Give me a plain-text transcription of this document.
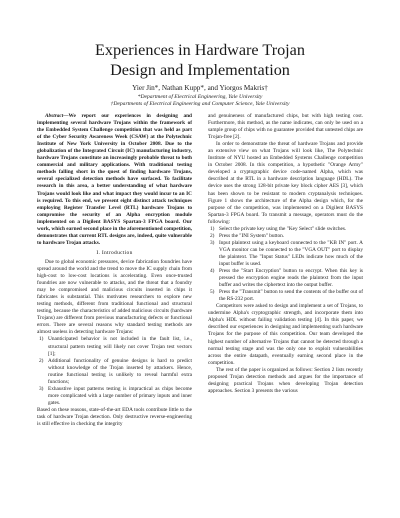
Experiences in Hardware Trojan
Design and Implementation
Yier Jin*, Nathan Kupp*, and Yiorgos Makris†
*Department of Electrical Engineering, Yale University
†Departments of Electrical Engineering and Computer Science, Yale University

Abstract—We report our experiences in designing and implementing several hardware Trojans within the framework of the Embedded System Challenge competition that was held as part of the Cyber Security Awareness Week (CSAW) at the Polytechnic Institute of New York University in October 2008. Due to the globalization of the Integrated Circuit (IC) manufacturing industry, hardware Trojans constitute an increasingly probable threat to both commercial and military applications. With traditional testing methods falling short in the quest of finding hardware Trojans, several specialized detection methods have surfaced. To facilitate research in this area, a better understanding of what hardware Trojans would look like and what impact they would incur to an IC is required. To this end, we present eight distinct attack techniques employing Register Transfer Level (RTL) hardware Trojans to compromise the security of an Alpha encryption module implemented on a Digilent BASYS Spartan-3 FPGA board. Our work, which earned second place in the aforementioned competition, demonstrates that current RTL designs are, indeed, quite vulnerable to hardware Trojan attacks.

I. Introduction

Due to global economic pressures, device fabrication foundries have spread around the world and the trend to move the IC supply chain from high-cost to low-cost locations is accelerating. Even once-trusted foundries are now vulnerable to attacks, and the threat that a foundry may be compromised and malicious circuits inserted in chips it fabricates is substantial. This motivates researchers to explore new testing methods, different from traditional functional and structural testing, because the characteristics of added malicious circuits (hardware Trojans) are different from previous manufacturing defects or functional errors. There are several reasons why standard testing methods are almost useless in detecting hardware Trojans:

1) Unanticipated behavior is not included in the fault list, i.e., structural pattern testing will likely not cover Trojan test vectors [1];
2) Additional functionality of genuine designs is hard to predict without knowledge of the Trojan inserted by attackers. Hence, routine functional testing is unlikely to reveal harmful extra functions;
3) Exhaustive input patterns testing is impractical as chips become more complicated with a large number of primary inputs and inner gates.

Based on these reasons, state-of-the-art EDA tools contribute little to the task of hardware Trojan detection. Only destructive reverse-engineering is still effective in checking the integrity

and genuineness of manufactured chips, but with high testing cost. Furthermore, this method, as the name indicates, can only be used on a sample group of chips with no guarantee provided that untested chips are Trojan-free [2].

In order to demonstrate the threat of hardware Trojans and provide an extensive view on what Trojans will look like, The Polytechnic Institute of NYU hosted an Embedded Systems Challenge competition in October 2008. In this competition, a hypothetic "Orange Army" developed a cryptographic device code-named Alpha, which was described at the RTL in a hardware description language (HDL). The device uses the strong 128-bit private key block cipher AES [3], which has been shown to be resistant to modern cryptanalysis techniques. Figure 1 shows the architecture of the Alpha design which, for the purpose of the competition, was implemented on a Digilent BASYS Spartan-3 FPGA board. To transmit a message, operators must do the following:

1) Select the private key using the "Key Select" slide switches.
2) Press the "INI System" button.
3) Input plaintext using a keyboard connected to the "KB IN" port. A VGA monitor can be connected to the "VGA OUT" port to display the plaintext. The "Input Status" LEDs indicate how much of the input buffer is used.
4) Press the "Start Encryption" button to encrypt. When this key is pressed the encryption engine reads the plaintext from the input buffer and writes the ciphertext into the output buffer.
5) Press the "Transmit" button to send the contents of the buffer out of the RS-232 port.

Competitors were asked to design and implement a set of Trojans, to undermine Alpha's cryptographic strength, and incorporate them into Alpha's HDL without failing validation testing [4]. In this paper, we described our experiences in designing and implementing such hardware Trojans for the purpose of this competition. Our team developed the highest number of alternative Trojans that cannot be detected through a normal testing stage and was the only one to exploit vulnerabilities across the entire datapath, eventually earning second place in the competition.

The rest of the paper is organized as follows: Section 2 lists recently proposed Trojan detection methods and argues for the importance of designing practical Trojans when developing Trojan detection approaches. Section 3 presents the various
